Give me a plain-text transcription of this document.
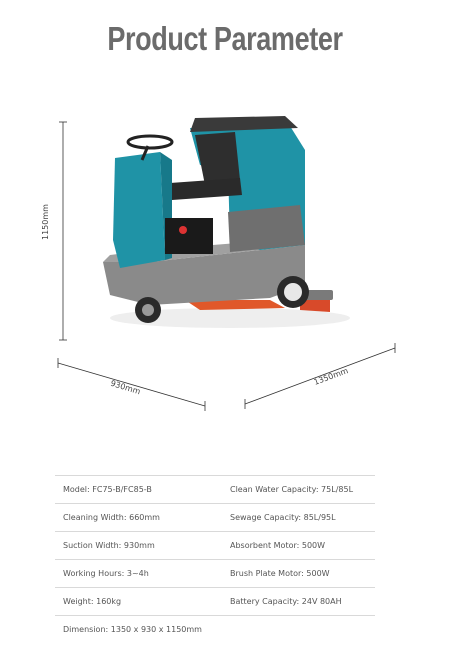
Product Parameter
1150mm
930mm
1350mm
Model: FC75-B/FC85-B	Clean Water Capacity: 75L/85L
Cleaning Width: 660mm	Sewage Capacity: 85L/95L
Suction Width: 930mm	Absorbent Motor: 500W
Working Hours: 3~4h	Brush Plate Motor: 500W
Weight: 160kg	Battery Capacity: 24V 80AH
Dimension: 1350 x 930 x 1150mm
